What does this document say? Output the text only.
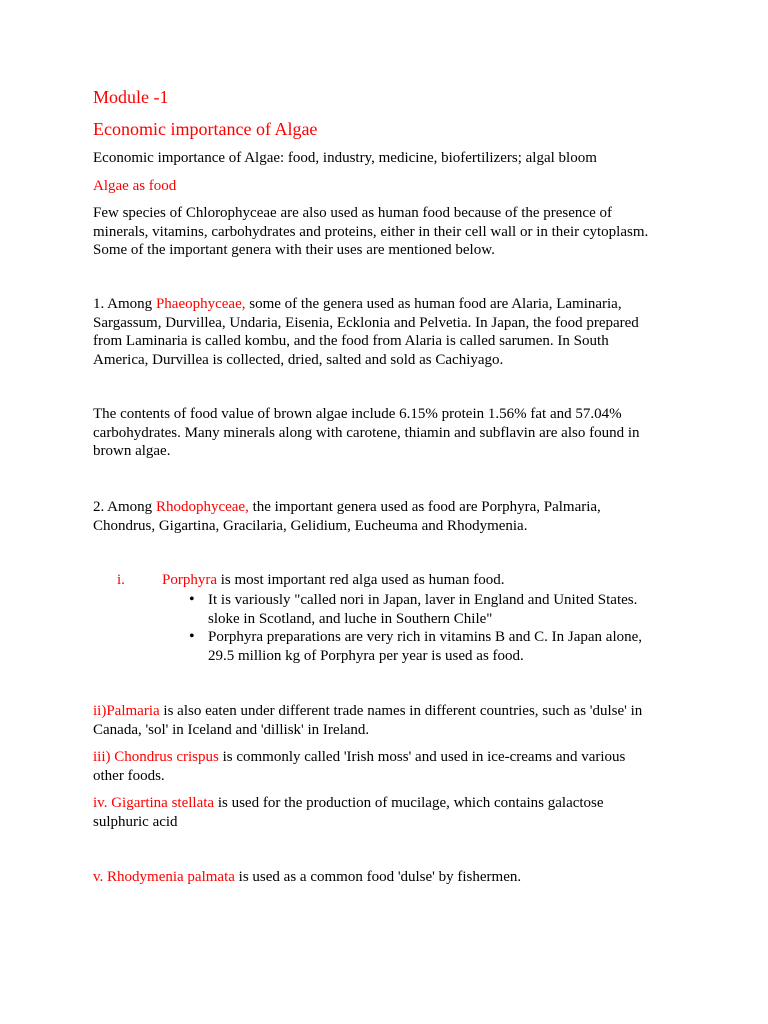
Module -1
Economic importance of Algae
Economic importance of Algae: food, industry, medicine, biofertilizers; algal bloom
Algae as food
Few species of Chlorophyceae are also used as human food because of the presence of
minerals, vitamins, carbohydrates and proteins, either in their cell wall or in their cytoplasm.
Some of the important genera with their uses are mentioned below.
1. Among Phaeophyceae, some of the genera used as human food are Alaria, Laminaria,
Sargassum, Durvillea, Undaria, Eisenia, Ecklonia and Pelvetia. In Japan, the food prepared
from Laminaria is called kombu, and the food from Alaria is called sarumen. In South
America, Durvillea is collected, dried, salted and sold as Cachiyago.
The contents of food value of brown algae include 6.15% protein 1.56% fat and 57.04%
carbohydrates. Many minerals along with carotene, thiamin and subflavin are also found in
brown algae.
2. Among Rhodophyceae, the important genera used as food are Porphyra, Palmaria,
Chondrus, Gigartina, Gracilaria, Gelidium, Eucheuma and Rhodymenia.
i. Porphyra is most important red alga used as human food.
•
It is variously "called nori in Japan, laver in England and United States.
sloke in Scotland, and luche in Southern Chile"
•
Porphyra preparations are very rich in vitamins B and C. In Japan alone,
29.5 million kg of Porphyra per year is used as food.
ii)Palmaria is also eaten under different trade names in different countries, such as 'dulse' in
Canada, 'sol' in Iceland and 'dillisk' in Ireland.
iii) Chondrus crispus is commonly called 'Irish moss' and used in ice-creams and various
other foods.
iv. Gigartina stellata is used for the production of mucilage, which contains galactose
sulphuric acid
v. Rhodymenia palmata is used as a common food 'dulse' by fishermen.
